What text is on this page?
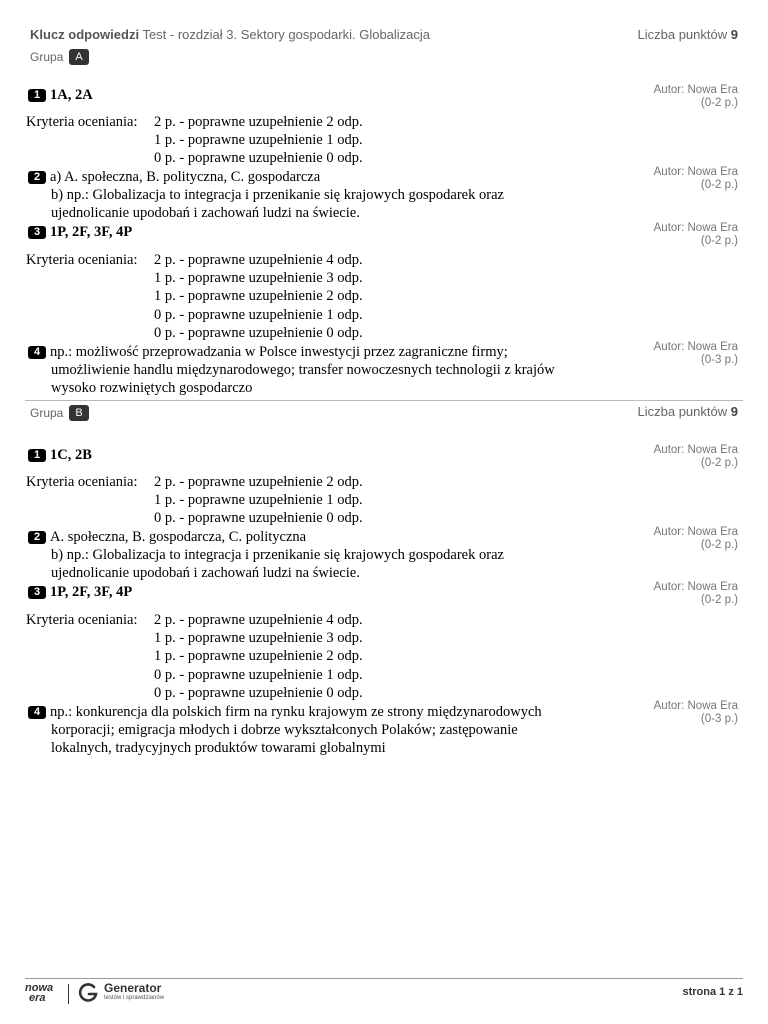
Klucz odpowiedzi Test - rozdział 3. Sektory gospodarki. Globalizacja	Liczba punktów 9
Grupa	A
1 1A, 2A	Autor: Nowa Era
(0-2 p.)
Kryteria oceniania: 2 p. - poprawne uzupełnienie 2 odp.
1 p. - poprawne uzupełnienie 1 odp.
0 p. - poprawne uzupełnienie 0 odp.
2 a) A. społeczna, B. polityczna, C. gospodarcza
b) np.: Globalizacja to integracja i przenikanie się krajowych gospodarek oraz
ujednolicanie upodobań i zachowań ludzi na świecie.
Autor: Nowa Era
(0-2 p.)
3 1P, 2F, 3F, 4P	Autor: Nowa Era
(0-2 p.)
Kryteria oceniania: 2 p. - poprawne uzupełnienie 4 odp.
1 p. - poprawne uzupełnienie 3 odp.
1 p. - poprawne uzupełnienie 2 odp.
0 p. - poprawne uzupełnienie 1 odp.
0 p. - poprawne uzupełnienie 0 odp.
4 np.: możliwość przeprowadzania w Polsce inwestycji przez zagraniczne firmy;
umożliwienie handlu międzynarodowego; transfer nowoczesnych technologii z krajów
wysoko rozwiniętych gospodarczo
Autor: Nowa Era
(0-3 p.)
Grupa	B	Liczba punktów 9
1 1C, 2B	Autor: Nowa Era
(0-2 p.)
Kryteria oceniania: 2 p. - poprawne uzupełnienie 2 odp.
1 p. - poprawne uzupełnienie 1 odp.
0 p. - poprawne uzupełnienie 0 odp.
2 A. społeczna, B. gospodarcza, C. polityczna
b) np.: Globalizacja to integracja i przenikanie się krajowych gospodarek oraz
ujednolicanie upodobań i zachowań ludzi na świecie.
Autor: Nowa Era
(0-2 p.)
3 1P, 2F, 3F, 4P	Autor: Nowa Era
(0-2 p.)
Kryteria oceniania: 2 p. - poprawne uzupełnienie 4 odp.
1 p. - poprawne uzupełnienie 3 odp.
1 p. - poprawne uzupełnienie 2 odp.
0 p. - poprawne uzupełnienie 1 odp.
0 p. - poprawne uzupełnienie 0 odp.
4 np.: konkurencja dla polskich firm na rynku krajowym ze strony międzynarodowych
korporacji; emigracja młodych i dobrze wykształconych Polaków; zastępowanie
lokalnych, tradycyjnych produktów towarami globalnymi
Autor: Nowa Era
(0-3 p.)
nowa
era
Generator
testów i sprawdzianów	strona 1 z 1
